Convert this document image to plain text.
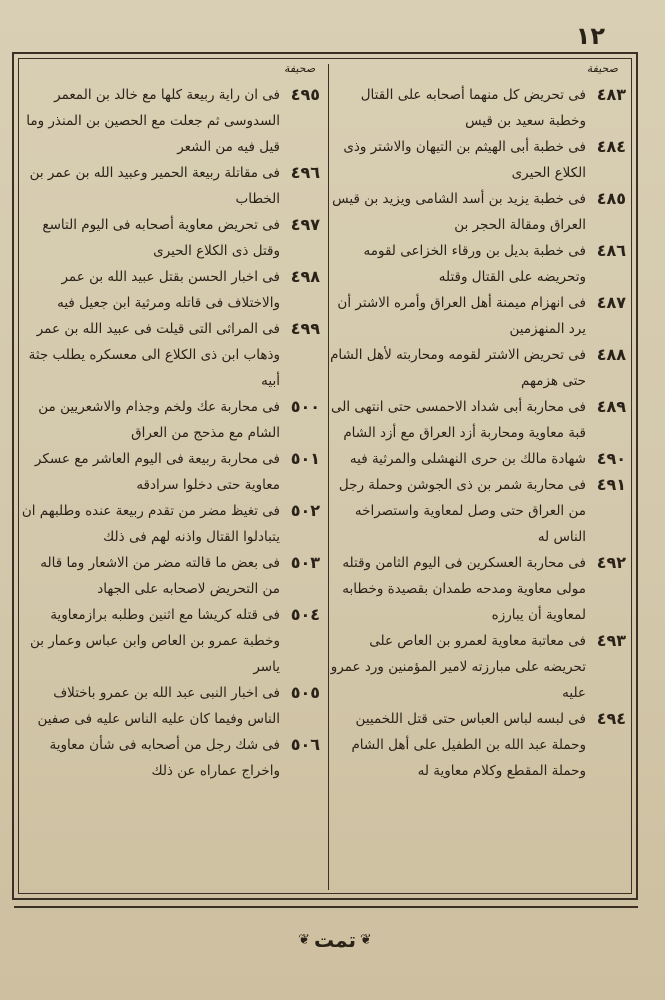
١٢
صحيفة
صحيفة
٤٨٣
فى تحريض كل منهما أصحابه على القتال وخطبة سعيد بن قيس
٤٨٤
فى خطبة أبى الهيثم بن التيهان والاشتر وذى الكلاع الحيرى
٤٨٥
فى خطبة يزيد بن أسد الشامى ويزيد بن قيس العراق ومقالة الحجر بن
٤٨٦
فى خطبة بديل بن ورقاء الخزاعى لقومه وتحريضه على القتال وقتله
٤٨٧
فى انهزام ميمنة أهل العراق وأمره الاشتر أن يرد المنهزمين
٤٨٨
فى تحريض الاشتر لقومه ومحاربته لأهل الشام حتى هزمهم
٤٨٩
فى محاربة أبى شداد الاحمسى حتى انتهى الى قبة معاوية ومحاربة أزد العراق مع أزد الشام
٤٩٠
شهادة مالك بن حرى النهشلى والمرثية فيه
٤٩١
فى محاربة شمر بن ذى الجوشن وحملة رجل من العراق حتى وصل لمعاوية واستصراخه الناس له
٤٩٢
فى محاربة العسكرين فى اليوم الثامن وقتله مولى معاوية ومدحه طمدان بقصيدة وخطابه لمعاوية أن يبارزه
٤٩٣
فى معاتبة معاوية لعمرو بن العاص على تحريضه على مبارزته لامير المؤمنين ورد عمرو عليه
٤٩٤
فى لبسه لباس العباس حتى قتل اللخميين وحملة عبد الله بن الطفيل على أهل الشام وحملة المقطع وكلام معاوية له
٤٩٥
فى ان راية ربيعة كلها مع خالد بن المعمر السدوسى ثم جعلت مع الحصين بن المنذر وما قيل فيه من الشعر
٤٩٦
فى مقاتلة ربيعة الحمير وعبيد الله بن عمر بن الخطاب
٤٩٧
فى تحريض معاوية أصحابه فى اليوم التاسع وقتل ذى الكلاع الحيرى
٤٩٨
فى اخبار الحسن بقتل عبيد الله بن عمر والاختلاف فى قاتله ومرثية ابن جعيل فيه
٤٩٩
فى المراثى التى قيلت فى عبيد الله بن عمر وذهاب ابن ذى الكلاع الى معسكره يطلب جثة أبيه
٥٠٠
فى محاربة عك ولخم وجذام والاشعريين من الشام مع مذحج من العراق
٥٠١
فى محاربة ربيعة فى اليوم العاشر مع عسكر معاوية حتى دخلوا سرادقه
٥٠٢
فى تغيظ مضر من تقدم ربيعة عنده وطلبهم ان يتبادلوا القتال واذنه لهم فى ذلك
٥٠٣
فى بعض ما قالته مضر من الاشعار وما قاله من التحريض لاصحابه على الجهاد
٥٠٤
فى قتله كريشا مع اثنين وطلبه برازمعاوية وخطبة عمرو بن العاص وابن عباس وعمار بن ياسر
٥٠٥
فى اخبار النبى عبد الله بن عمرو باختلاف الناس وفيما كان عليه الناس عليه فى صفين
٥٠٦
فى شك رجل من أصحابه فى شأن معاوية واخراج عماراه عن ذلك
❦ تمت ❦
